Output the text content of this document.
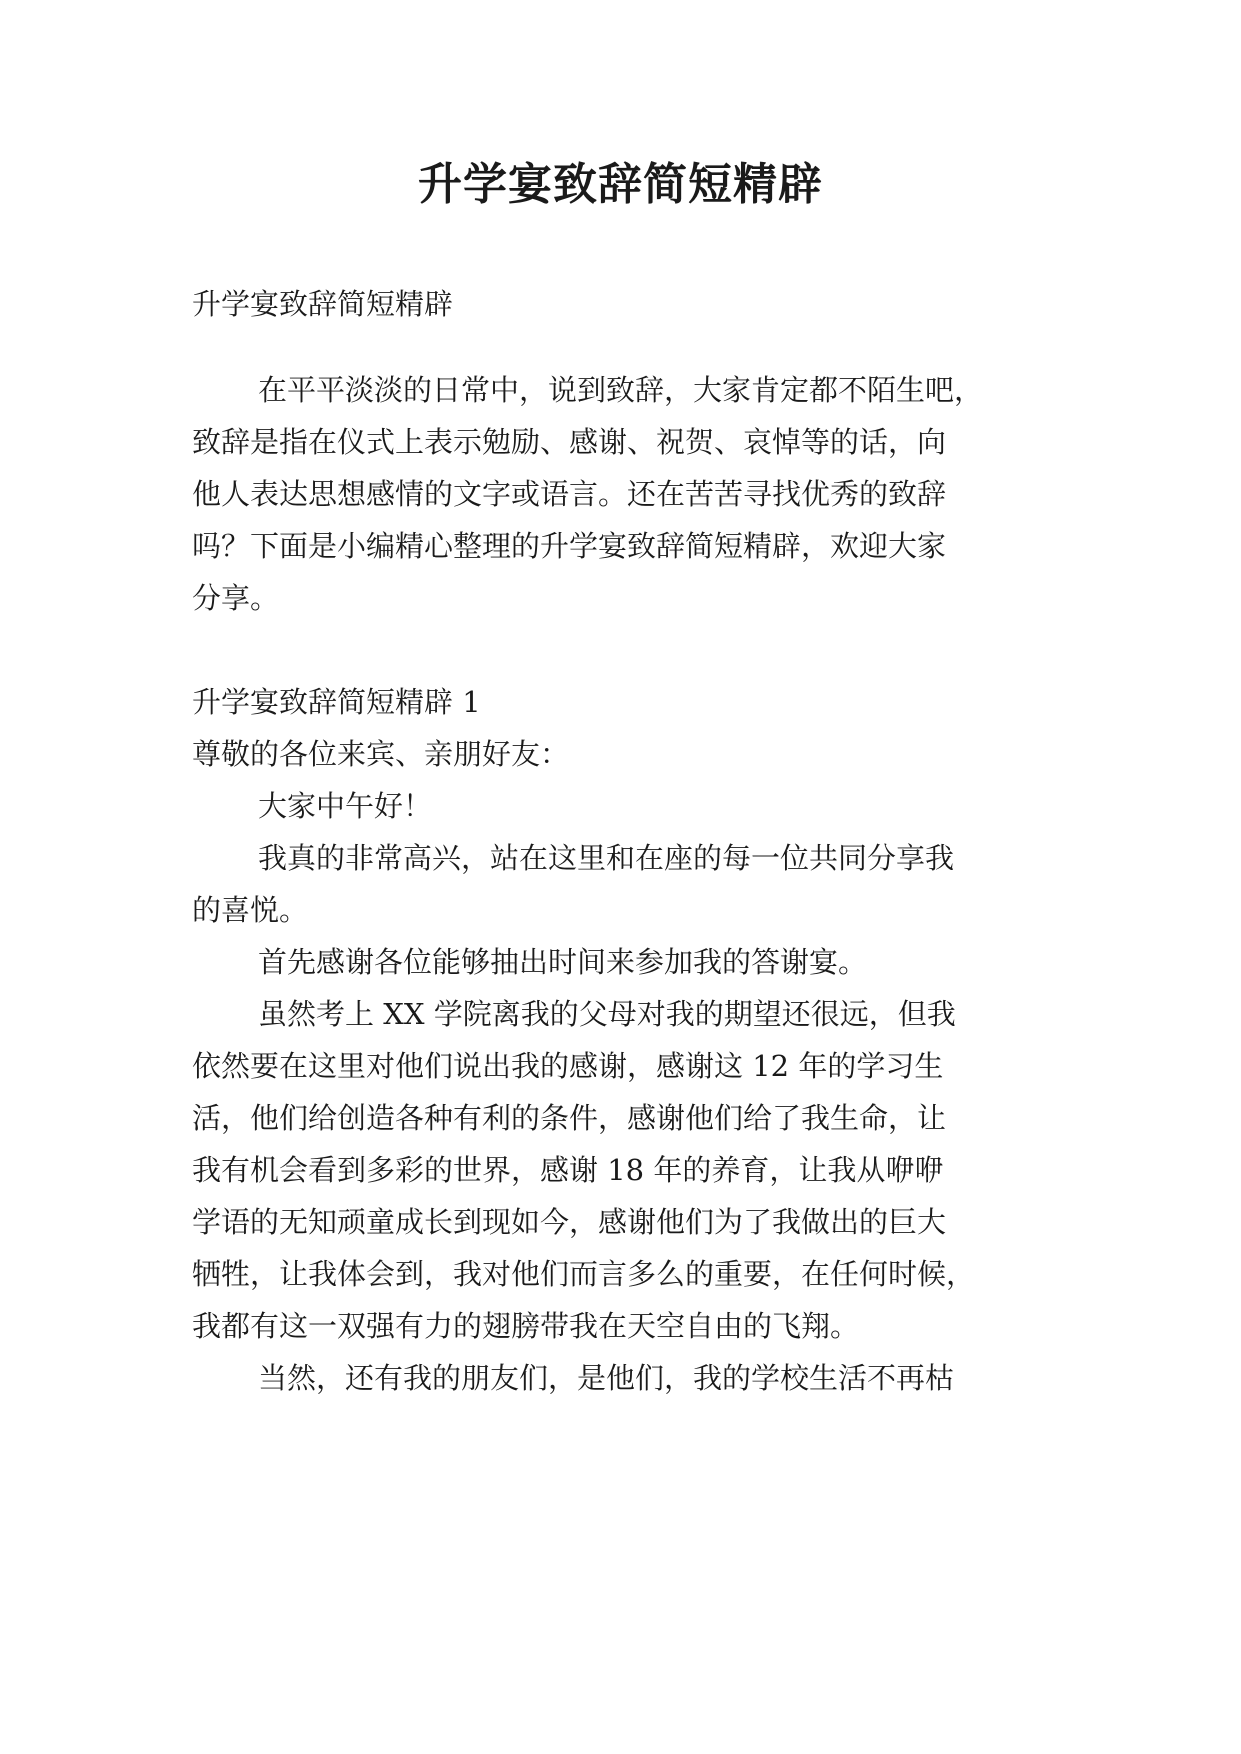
升学宴致辞简短精辟

升学宴致辞简短精辟

在平平淡淡的日常中，说到致辞，大家肯定都不陌生吧，

致辞是指在仪式上表示勉励、感谢、祝贺、哀悼等的话，向

他人表达思想感情的文字或语言。还在苦苦寻找优秀的致辞

吗？下面是小编精心整理的升学宴致辞简短精辟，欢迎大家

分享。

升学宴致辞简短精辟 1

尊敬的各位来宾、亲朋好友：

大家中午好！

我真的非常高兴，站在这里和在座的每一位共同分享我

的喜悦。

首先感谢各位能够抽出时间来参加我的答谢宴。

虽然考上 XX 学院离我的父母对我的期望还很远，但我

依然要在这里对他们说出我的感谢，感谢这 12 年的学习生

活，他们给创造各种有利的条件，感谢他们给了我生命，让

我有机会看到多彩的世界，感谢 18 年的养育，让我从咿咿

学语的无知顽童成长到现如今，感谢他们为了我做出的巨大

牺牲，让我体会到，我对他们而言多么的重要，在任何时候，

我都有这一双强有力的翅膀带我在天空自由的飞翔。

当然，还有我的朋友们，是他们，我的学校生活不再枯
